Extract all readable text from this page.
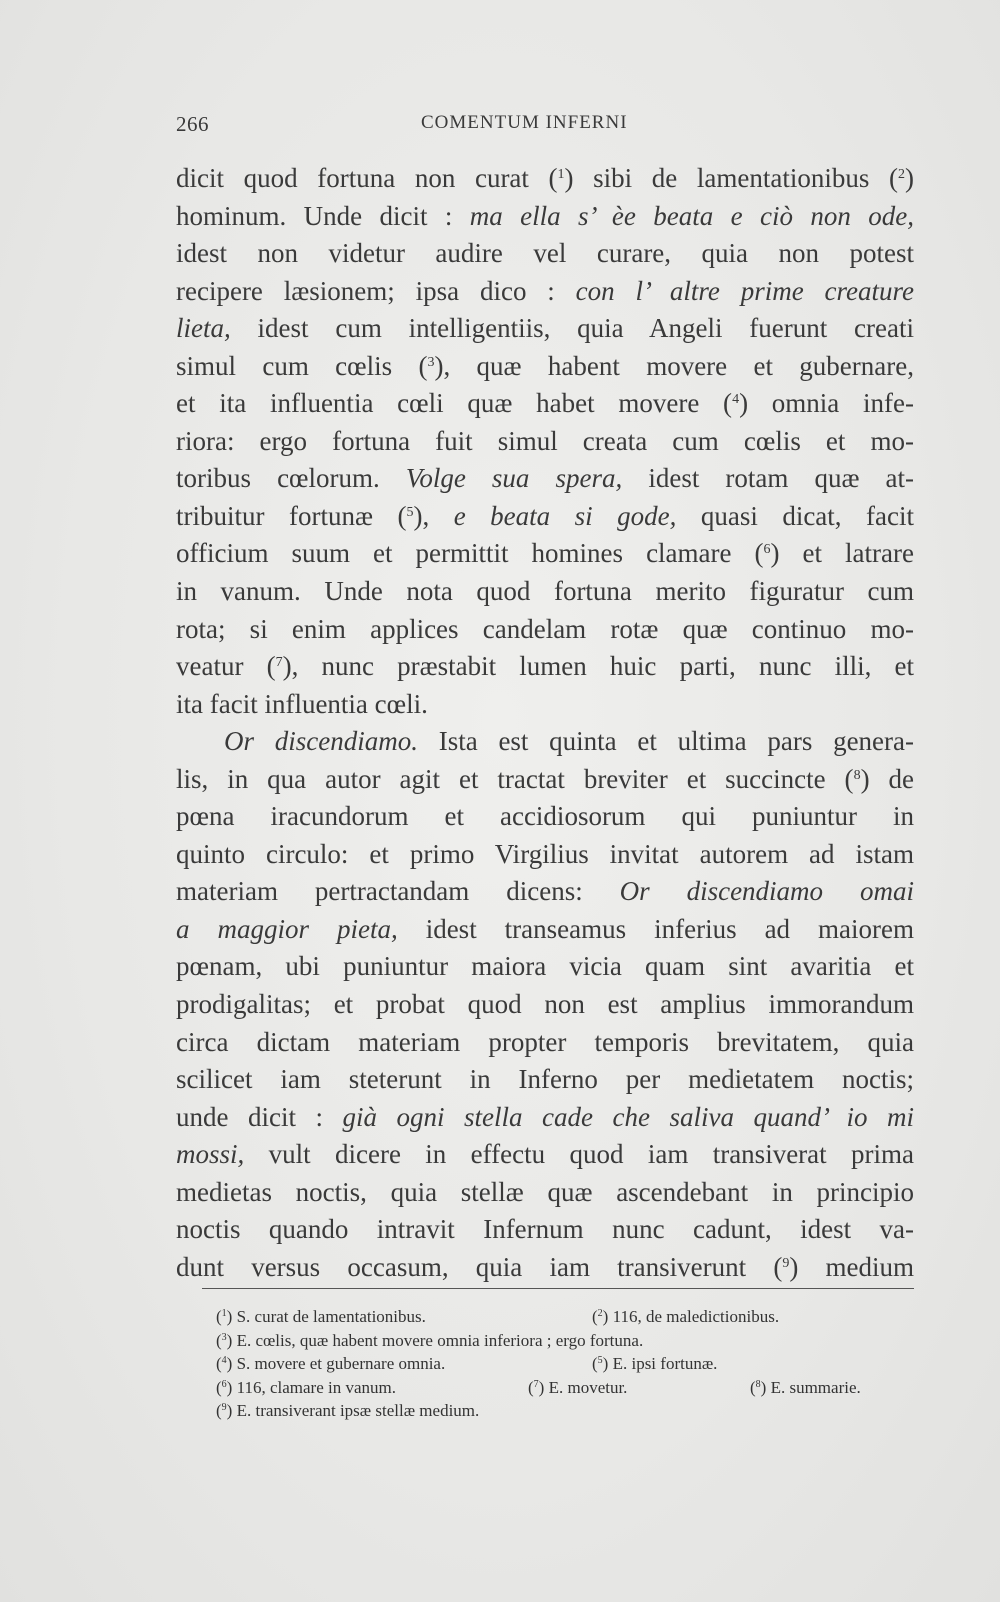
266	COMENTUM INFERNI
dicit quod fortuna non curat ($^1$) sibi de lamentationibus ($^2$)
hominum. Unde dicit : ma ella s’ èe beata e ciò non ode,
idest non videtur audire vel curare, quia non potest
recipere læsionem; ipsa dico : con l’ altre prime creature
lieta, idest cum intelligentiis, quia Angeli fuerunt creati
simul cum cœlis ($^3$), quæ habent movere et gubernare,
et ita influentia cœli quæ habet movere ($^4$) omnia infe-
riora: ergo fortuna fuit simul creata cum cœlis et mo-
toribus cœlorum. Volge sua spera, idest rotam quæ at-
tribuitur fortunæ ($^5$), e beata si gode, quasi dicat, facit
officium suum et permittit homines clamare ($^6$) et latrare
in vanum. Unde nota quod fortuna merito figuratur cum
rota; si enim applices candelam rotæ quæ continuo mo-
veatur ($^7$), nunc præstabit lumen huic parti, nunc illi, et
ita facit influentia cœli.
Or discendiamo. Ista est quinta et ultima pars genera-
lis, in qua autor agit et tractat breviter et succincte ($^8$) de
pœna iracundorum et accidiosorum qui puniuntur in
quinto circulo: et primo Virgilius invitat autorem ad istam
materiam pertractandam dicens: Or discendiamo omai
a maggior pieta, idest transeamus inferius ad maiorem
pœnam, ubi puniuntur maiora vicia quam sint avaritia et
prodigalitas; et probat quod non est amplius immorandum
circa dictam materiam propter temporis brevitatem, quia
scilicet iam steterunt in Inferno per medietatem noctis;
unde dicit : già ogni stella cade che saliva quand’ io mi
mossi, vult dicere in effectu quod iam transiverat prima
medietas noctis, quia stellæ quæ ascendebant in principio
noctis quando intravit Infernum nunc cadunt, idest va-
dunt versus occasum, quia iam transiverunt ($^9$) medium
($^1$) S. curat de lamentationibus.	($^2$) 116, de maledictionibus.
($^3$) E. cœlis, quæ habent movere omnia inferiora ; ergo fortuna.
($^4$) S. movere et gubernare omnia.	($^5$) E. ipsi fortunæ.
($^6$) 116, clamare in vanum.	($^7$) E. movetur.	($^8$) E. summarie.
($^9$) E. transiverant ipsæ stellæ medium.
